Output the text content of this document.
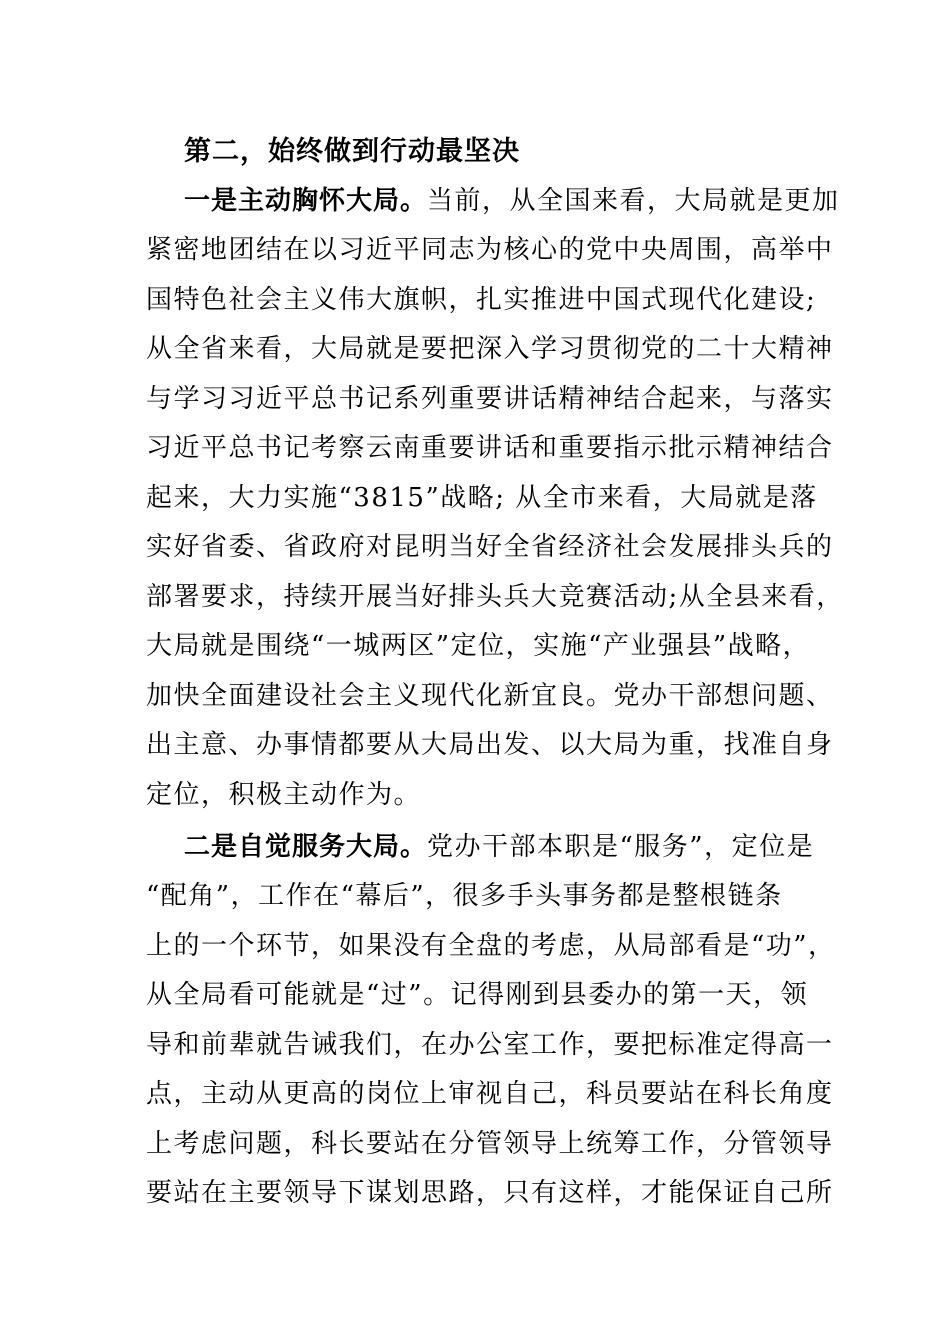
第二，始终做到行动最坚决
一是主动胸怀大局。当前，从全国来看，大局就是更加
紧密地团结在以习近平同志为核心的党中央周围，高举中
国特色社会主义伟大旗帜，扎实推进中国式现代化建设;
从全省来看，大局就是要把深入学习贯彻党的二十大精神
与学习习近平总书记系列重要讲话精神结合起来，与落实
习近平总书记考察云南重要讲话和重要指示批示精神结合
起来，大力实施“3815”战略; 从全市来看，大局就是落
实好省委、省政府对昆明当好全省经济社会发展排头兵的
部署要求，持续开展当好排头兵大竞赛活动;从全县来看，
大局就是围绕“一城两区”定位，实施“产业强县”战略，
加快全面建设社会主义现代化新宜良。党办干部想问题、
出主意、办事情都要从大局出发、以大局为重，找准自身
定位，积极主动作为。
二是自觉服务大局。党办干部本职是“服务”，定位是
“配角”，工作在“幕后”，很多手头事务都是整根链条
上的一个环节，如果没有全盘的考虑，从局部看是“功”，
从全局看可能就是“过”。记得刚到县委办的第一天，领
导和前辈就告诫我们，在办公室工作，要把标准定得高一
点，主动从更高的岗位上审视自己，科员要站在科长角度
上考虑问题，科长要站在分管领导上统筹工作，分管领导
要站在主要领导下谋划思路，只有这样，才能保证自己所
